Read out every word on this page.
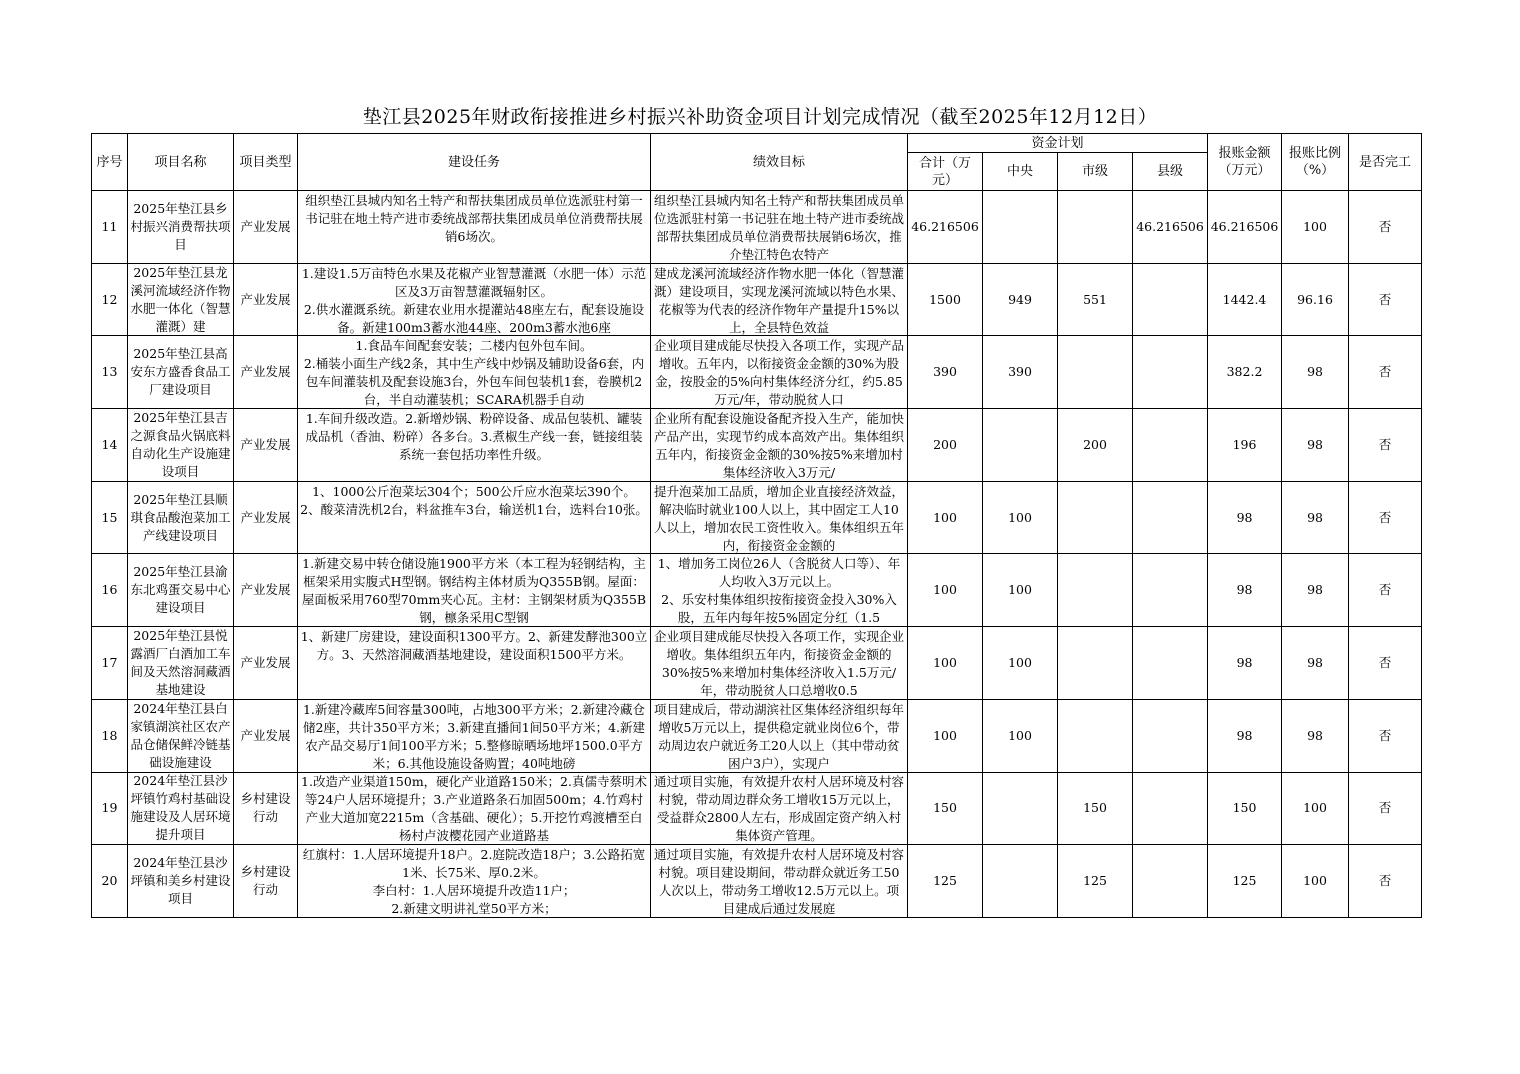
垫江县2025年财政衔接推进乡村振兴补助资金项目计划完成情况（截至2025年12月12日）
序号	项目名称	项目类型	建设任务	绩效目标	资金计划				报账金额（万元）	报账比例（%）	是否完工
					合计（万元）	中央	市级	县级			
11	2025年垫江县乡村振兴消费帮扶项目	产业发展	组织垫江县城内知名土特产和帮扶集团成员单位选派驻村第一书记驻在地土特产进市委统战部帮扶集团成员单位消费帮扶展销6场次。	组织垫江县城内知名土特产和帮扶集团成员单位选派驻村第一书记驻在地土特产进市委统战部帮扶集团成员单位消费帮扶展销6场次，推介垫江特色农特产	46.216506			46.216506	46.216506	100	否
12	2025年垫江县龙溪河流域经济作物水肥一体化（智慧灌溉）建	产业发展	1.建设1.5万亩特色水果及花椒产业智慧灌溉（水肥一体）示范区及3万亩智慧灌溉辐射区。
2.供水灌溉系统。新建农业用水提灌站48座左右，配套设施设备。新建100m3蓄水池44座、200m3蓄水池6座	建成龙溪河流域经济作物水肥一体化（智慧灌溉）建设项目，实现龙溪河流域以特色水果、花椒等为代表的经济作物年产量提升15%以上，全县特色效益	1500	949	551		1442.4	96.16	否
13	2025年垫江县高安东方盛香食品工厂建设项目	产业发展	1.食品车间配套安装；二楼内包外包车间。
2.桶装小面生产线2条，其中生产线中炒锅及辅助设备6套，内包车间灌装机及配套设施3台，外包车间包装机1套，卷膜机2台，半自动灌装机；SCARA机器手自动	企业项目建成能尽快投入各项工作，实现产品增收。五年内，以衔接资金金额的30%为股金，按股金的5%向村集体经济分红，约5.85万元/年，带动脱贫人口	390	390			382.2	98	否
14	2025年垫江县吉之源食品火锅底料自动化生产设施建设项目	产业发展	1.车间升级改造。2.新增炒锅、粉碎设备、成品包装机、罐装成品机（香油、粉碎）各多台。3.煮椒生产线一套，链接组装系统一套包括功率性升级。	企业所有配套设施设备配齐投入生产，能加快产品产出，实现节约成本高效产出。集体组织五年内，衔接资金金额的30%按5%来增加村集体经济收入3万元/	200		200		196	98	否
15	2025年垫江县顺琪食品酸泡菜加工产线建设项目	产业发展	1、1000公斤泡菜坛304个；500公斤应水泡菜坛390个。
2、酸菜清洗机2台，料盆推车3台，输送机1台，选料台10张。	提升泡菜加工品质，增加企业直接经济效益，解决临时就业100人以上，其中固定工人10人以上，增加农民工资性收入。集体组织五年内，衔接资金金额的	100	100			98	98	否
16	2025年垫江县渝东北鸡蛋交易中心建设项目	产业发展	1.新建交易中转仓储设施1900平方米（本工程为轻钢结构，主框架采用实腹式H型钢。钢结构主体材质为Q355B钢。屋面：屋面板采用760型70mm夹心瓦。主材：主钢架材质为Q355B钢，檩条采用C型钢	1、增加务工岗位26人（含脱贫人口等）、年人均收入3万元以上。
2、乐安村集体组织按衔接资金投入30%入股，五年内每年按5%固定分红（1.5	100	100			98	98	否
17	2025年垫江县悦露酒厂白酒加工车间及天然溶洞藏酒基地建设	产业发展	1、新建厂房建设，建设面积1300平方。2、新建发酵池300立方。3、天然溶洞藏酒基地建设，建设面积1500平方米。	企业项目建成能尽快投入各项工作，实现企业增收。集体组织五年内，衔接资金金额的30%按5%来增加村集体经济收入1.5万元/年，带动脱贫人口总增收0.5	100	100			98	98	否
18	2024年垫江县白家镇湖滨社区农产品仓储保鲜冷链基础设施建设	产业发展	1.新建冷藏库5间容量300吨，占地300平方米；2.新建冷藏仓储2座，共计350平方米；3.新建直播间1间50平方米；4.新建农产品交易厅1间100平方米；5.整修晾晒场地坪1500.0平方米；6.其他设施设备购置；40吨地磅	项目建成后，带动湖滨社区集体经济组织每年增收5万元以上，提供稳定就业岗位6个，带动周边农户就近务工20人以上（其中带动贫困户3户），实现户	100	100			98	98	否
19	2024年垫江县沙坪镇竹鸡村基础设施建设及人居环境提升项目	乡村建设行动	1.改造产业渠道150m，硬化产业道路150米；2.真儒寺蔡明术等24户人居环境提升；3.产业道路条石加固500m；4.竹鸡村产业大道加宽2215m（含基础、硬化）；5.开挖竹鸡渡槽至白杨村卢波樱花园产业道路基	通过项目实施，有效提升农村人居环境及村容村貌，带动周边群众务工增收15万元以上，受益群众2800人左右，形成固定资产纳入村集体资产管理。	150		150		150	100	否
20	2024年垫江县沙坪镇和美乡村建设项目	乡村建设行动	红旗村：1.人居环境提升18户。2.庭院改造18户；3.公路拓宽1米、长75米、厚0.2米。
李白村：1.人居环境提升改造11户；
2.新建文明讲礼堂50平方米；	通过项目实施，有效提升农村人居环境及村容村貌。项目建设期间，带动群众就近务工50人次以上，带动务工增收12.5万元以上。项目建成后通过发展庭	125		125		125	100	否
